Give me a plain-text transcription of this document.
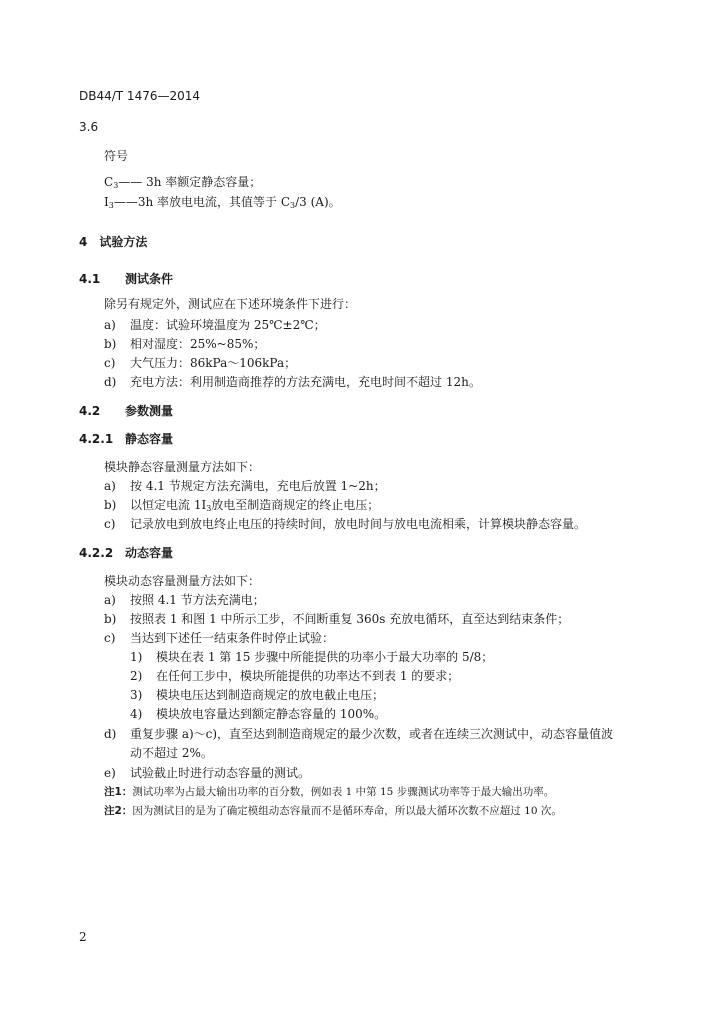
DB44/T 1476—2014
3.6
符号
$C_3——$ 3h 率额定静态容量；
$I_3——3h$ 率放电电流，其值等于 $C_3/3$ (A)。
4　试验方法
4.1 测试条件
除另有规定外，测试应在下述环境条件下进行：
a) 温度：试验环境温度为 25℃±2℃；
b) 相对湿度：25%~85%；
c) 大气压力：86kPa～106kPa；
d) 充电方法：利用制造商推荐的方法充满电，充电时间不超过 12h。
4.2 参数测量
4.2.1 静态容量
模块静态容量测量方法如下：
a) 按 4.1 节规定方法充满电，充电后放置 1~2h；
b) 以恒定电流 $1I_3$放电至制造商规定的终止电压；
c) 记录放电到放电终止电压的持续时间，放电时间与放电电流相乘，计算模块静态容量。
4.2.2 动态容量
模块动态容量测量方法如下：
a) 按照 4.1 节方法充满电；
b) 按照表 1 和图 1 中所示工步，不间断重复 360s 充放电循环，直至达到结束条件；
c) 当达到下述任一结束条件时停止试验：
1) 模块在表 1 第 15 步骤中所能提供的功率小于最大功率的 5/8；
2) 在任何工步中，模块所能提供的功率达不到表 1 的要求；
3) 模块电压达到制造商规定的放电截止电压；
4) 模块放电容量达到额定静态容量的 100%。
d) 重复步骤 a)～c)，直至达到制造商规定的最少次数，或者在连续三次测试中，动态容量值波
动不超过 2%。
e) 试验截止时进行动态容量的测试。
注1：测试功率为占最大输出功率的百分数，例如表 1 中第 15 步骤测试功率等于最大输出功率。
注2：因为测试目的是为了确定模组动态容量而不是循环寿命，所以最大循环次数不应超过 10 次。
2
